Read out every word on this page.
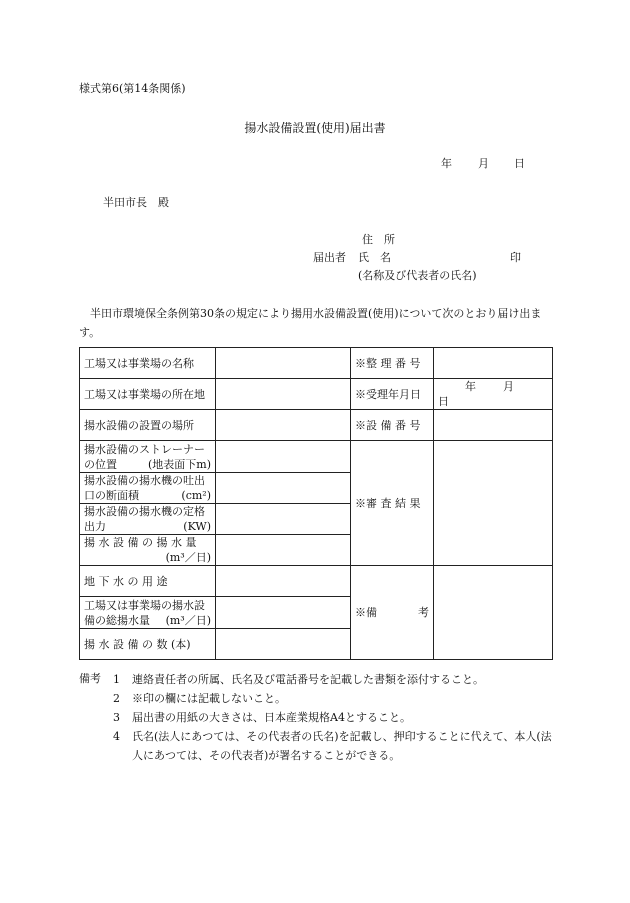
様式第6(第14条関係)
揚水設備設置(使用)届出書
年 月 日
半田市長　殿
住　所
届出者 氏　名	印
(名称及び代表者の氏名)
半田市環境保全条例第30条の規定により揚用水設備設置(使用)について次のとおり届け出ます。
工場又は事業場の名称		※整 理 番 号	
工場又は事業場の所在地		※受理年月日	年 月日
揚水設備の設置の場所		※設 備 番 号	

揚水設備のストレーナー
の位置 (地表面下m)		※審 査 結 果	

揚水設備の揚水機の吐出
口の断面積 (cm²)			

揚水設備の揚水機の定格
出力 (KW)			

揚 水 設 備 の 揚 水 量
(m³／日)			

地 下 水 の 用 途		※備 考	

工場又は事業場の揚水設
備の総揚水量 (m³／日)			

揚 水 設 備 の 数 (本)			
備考 1	連絡責任者の所属、氏名及び電話番号を記載した書類を添付すること。
2	※印の欄には記載しないこと。
3	届出書の用紙の大きさは、日本産業規格A4とすること。
4	氏名(法人にあつては、その代表者の氏名)を記載し、押印することに代えて、本人(法人にあつては、その代表者)が署名することができる。
